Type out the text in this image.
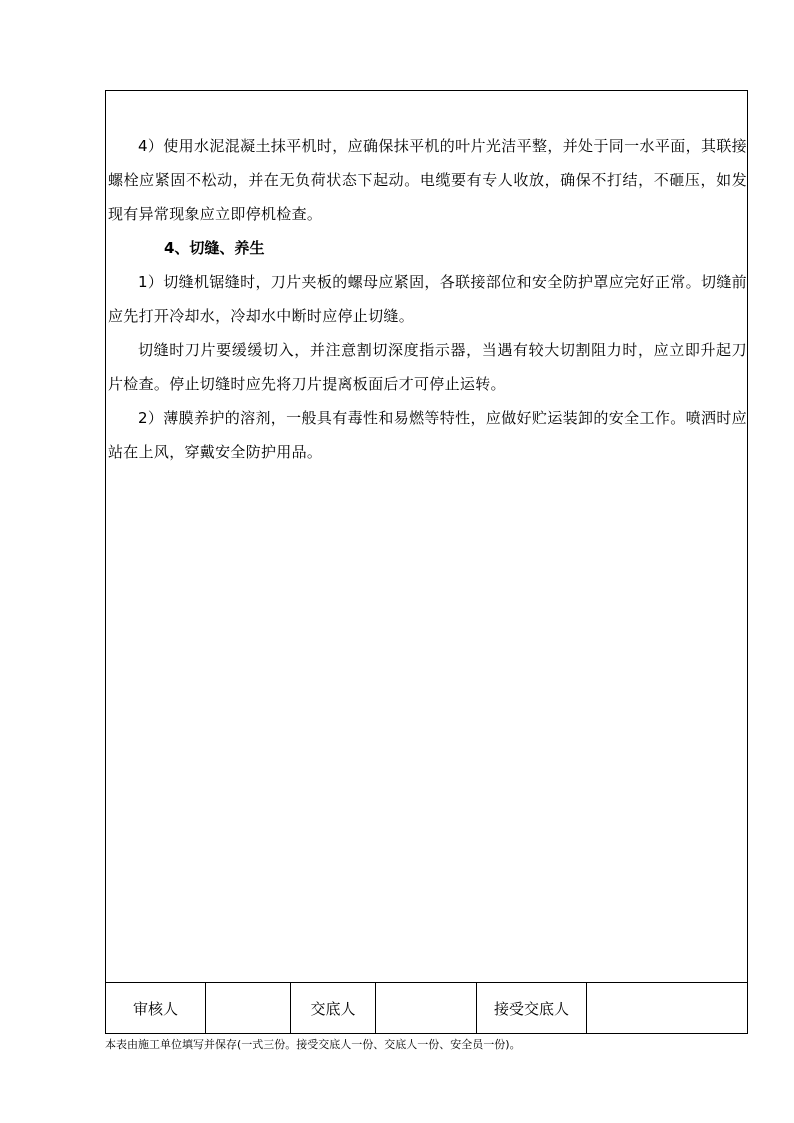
4）使用水泥混凝土抹平机时，应确保抹平机的叶片光洁平整，并处于同一水平面，其联接螺栓应紧固不松动，并在无负荷状态下起动。电缆要有专人收放，确保不打结，不砸压，如发现有异常现象应立即停机检查。

4、切缝、养生

1）切缝机锯缝时，刀片夹板的螺母应紧固，各联接部位和安全防护罩应完好正常。切缝前应先打开冷却水，冷却水中断时应停止切缝。

切缝时刀片要缓缓切入，并注意割切深度指示器，当遇有较大切割阻力时，应立即升起刀片检查。停止切缝时应先将刀片提离板面后才可停止运转。

2）薄膜养护的溶剂，一般具有毒性和易燃等特性，应做好贮运装卸的安全工作。喷洒时应站在上风，穿戴安全防护用品。

审核人	交底人	接受交底人
本表由施工单位填写并保存(一式三份。接受交底人一份、交底人一份、安全员一份)。
